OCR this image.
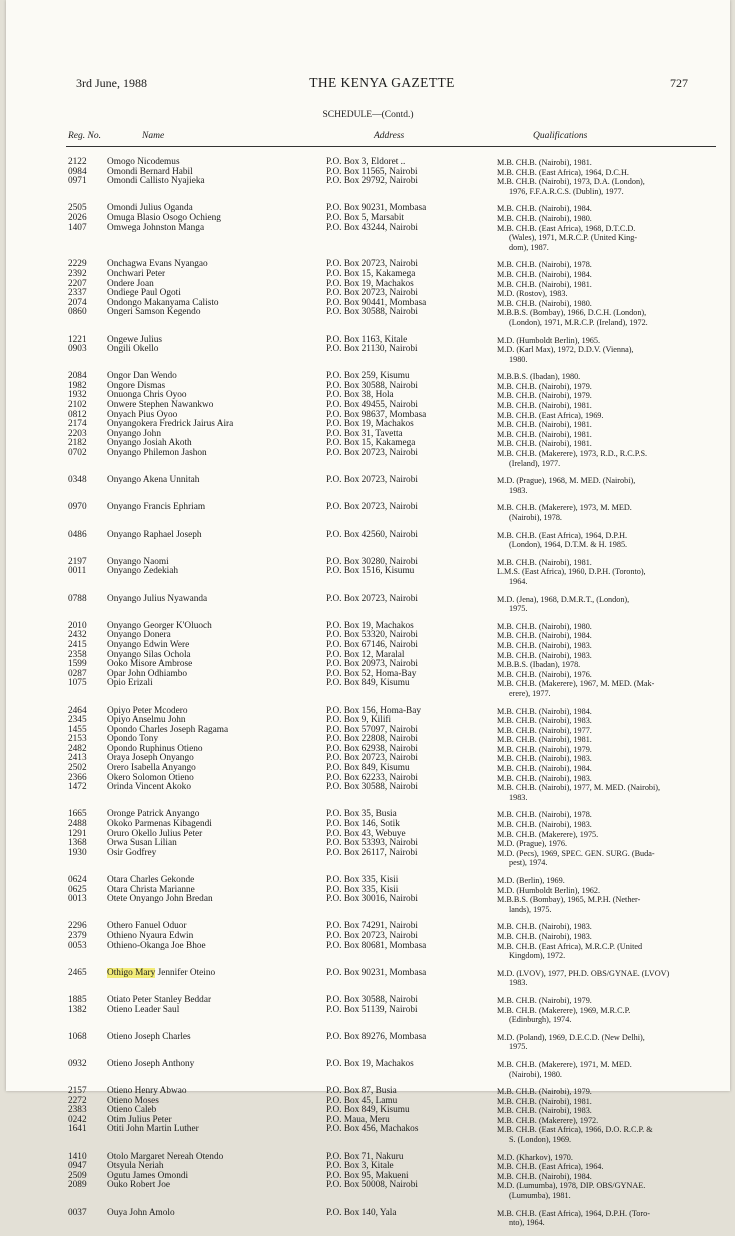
3rd June, 1988	THE KENYA GAZETTE	727
SCHEDULE—(Contd.)
Reg. No.	Name	Address	Qualifications
2122 Omogo Nicodemus	P.O. Box 3, Eldoret ..	M.B. CH.B. (Nairobi), 1981.
0984 Omondi Bernard Habil	P.O. Box 11565, Nairobi	M.B. CH.B. (East Africa), 1964, D.C.H.
0971 Omondi Callisto Nyajieka	P.O. Box 29792, Nairobi	M.B. CH.B. (Nairobi), 1973, D.A. (London),
1976, F.F.A.R.C.S. (Dublin), 1977.
2505 Omondi Julius Oganda	P.O. Box 90231, Mombasa	M.B. CH.B. (Nairobi), 1984.
2026 Omuga Blasio Osogo Ochieng	P.O. Box 5, Marsabit	M.B. CH.B. (Nairobi), 1980.
1407 Omwega Johnston Manga	P.O. Box 43244, Nairobi	M.B. CH.B. (East Africa), 1968, D.T.C.D.
(Wales), 1971, M.R.C.P. (United King-
dom), 1987.
2229 Onchagwa Evans Nyangao	P.O. Box 20723, Nairobi	M.B. CH.B. (Nairobi), 1978.
2392 Onchwari Peter	P.O. Box 15, Kakamega	M.B. CH.B. (Nairobi), 1984.
2207 Ondere Joan	P.O. Box 19, Machakos	M.B. CH.B. (Nairobi), 1981.
2337 Ondiege Paul Ogoti	P.O. Box 20723, Nairobi	M.D. (Rostov), 1983.
2074 Ondongo Makanyama Calisto	P.O. Box 90441, Mombasa	M.B. CH.B. (Nairobi), 1980.
0860 Ongeri Samson Kegendo	P.O. Box 30588, Nairobi	M.B.B.S. (Bombay), 1966, D.C.H. (London),
(London), 1971, M.R.C.P. (Ireland), 1972.
1221 Ongewe Julius	P.O. Box 1163, Kitale	M.D. (Humboldt Berlin), 1965.
0903 Ongili Okello	P.O. Box 21130, Nairobi	M.D. (Karl Max), 1972, D.D.V. (Vienna),
1980.
2084 Ongor Dan Wendo	P.O. Box 259, Kisumu	M.B.B.S. (Ibadan), 1980.
1982 Ongore Dismas	P.O. Box 30588, Nairobi	M.B. CH.B. (Nairobi), 1979.
1932 Onuonga Chris Oyoo	P.O. Box 38, Hola	M.B. CH.B. (Nairobi), 1979.
2102 Onwere Stephen Nawankwo	P.O. Box 49455, Nairobi	M.B. CH.B. (Nairobi), 1981.
0812 Onyach Pius Oyoo	P.O. Box 98637, Mombasa	M.B. CH.B. (East Africa), 1969.
2174 Onyangokera Fredrick Jairus Aira	P.O. Box 19, Machakos	M.B. CH.B. (Nairobi), 1981.
2203 Onyango John	P.O. Box 31, Tavetta	M.B. CH.B. (Nairobi), 1981.
2182 Onyango Josiah Akoth	P.O. Box 15, Kakamega	M.B. CH.B. (Nairobi), 1981.
0702 Onyango Philemon Jashon	P.O. Box 20723, Nairobi	M.B. CH.B. (Makerere), 1973, R.D., R.C.P.S.
(Ireland), 1977.
0348 Onyango Akena Unnitah	P.O. Box 20723, Nairobi	M.D. (Prague), 1968, M. MED. (Nairobi),
1983.
0970 Onyango Francis Ephriam	P.O. Box 20723, Nairobi	M.B. CH.B. (Makerere), 1973, M. MED.
(Nairobi), 1978.
0486 Onyango Raphael Joseph	P.O. Box 42560, Nairobi	M.B. CH.B. (East Africa), 1964, D.P.H.
(London), 1964, D.T.M. & H. 1985.
2197 Onyango Naomi	P.O. Box 30280, Nairobi	M.B. CH.B. (Nairobi), 1981.
0011 Onyango Zedekiah	P.O. Box 1516, Kisumu	L.M.S. (East Africa), 1960, D.P.H. (Toronto),
1964.
0788 Onyango Julius Nyawanda	P.O. Box 20723, Nairobi	M.D. (Jena), 1968, D.M.R.T., (London),
1975.
2010 Onyango Georger K'Oluoch	P.O. Box 19, Machakos	M.B. CH.B. (Nairobi), 1980.
2432 Onyango Donera	P.O. Box 53320, Nairobi	M.B. CH.B. (Nairobi), 1984.
2415 Onyango Edwin Were	P.O. Box 67146, Nairobi	M.B. CH.B. (Nairobi), 1983.
2358 Onyango Silas Ochola	P.O. Box 12, Maralal	M.B. CH.B. (Nairobi), 1983.
1599 Ooko Misore Ambrose	P.O. Box 20973, Nairobi	M.B.B.S. (Ibadan), 1978.
0287 Opar John Odhiambo	P.O. Box 52, Homa-Bay	M.B. CH.B. (Nairobi), 1976.
1075 Opio Erizali	P.O. Box 849, Kisumu	M.B. CH.B. (Makerere), 1967, M. MED. (Mak-
erere), 1977.
2464 Opiyo Peter Mcodero	P.O. Box 156, Homa-Bay	M.B. CH.B. (Nairobi), 1984.
2345 Opiyo Anselmu John	P.O. Box 9, Kilifi	M.B. CH.B. (Nairobi), 1983.
1455 Opondo Charles Joseph Ragama	P.O. Box 57097, Nairobi	M.B. CH.B. (Nairobi), 1977.
2153 Opondo Tony	P.O. Box 22808, Nairobi	M.B. CH.B. (Nairobi), 1981.
2482 Opondo Ruphinus Otieno	P.O. Box 62938, Nairobi	M.B. CH.B. (Nairobi), 1979.
2413 Oraya Joseph Onyango	P.O. Box 20723, Nairobi	M.B. CH.B. (Nairobi), 1983.
2502 Orero Isabella Anyango	P.O. Box 849, Kisumu	M.B. CH.B. (Nairobi), 1984.
2366 Okero Solomon Otieno	P.O. Box 62233, Nairobi	M.B. CH.B. (Nairobi), 1983.
1472 Orinda Vincent Akoko	P.O. Box 30588, Nairobi	M.B. CH.B. (Nairobi), 1977, M. MED. (Nairobi),
1983.
1665 Oronge Patrick Anyango	P.O. Box 35, Busia	M.B. CH.B. (Nairobi), 1978.
2488 Okoko Parmenas Kibagendi	P.O. Box 146, Sotik	M.B. CH.B. (Nairobi), 1983.
1291 Oruro Okello Julius Peter	P.O. Box 43, Webuye	M.B. CH.B. (Makerere), 1975.
1368 Orwa Susan Lilian	P.O. Box 53393, Nairobi	M.D. (Prague), 1976.
1930 Osir Godfrey	P.O. Box 26117, Nairobi	M.D. (Pecs), 1969, SPEC. GEN. SURG. (Buda-
pest), 1974.
0624 Otara Charles Gekonde	P.O. Box 335, Kisii	M.D. (Berlin), 1969.
0625 Otara Christa Marianne	P.O. Box 335, Kisii	M.D. (Humboldt Berlin), 1962.
0013 Otete Onyango John Bredan	P.O. Box 30016, Nairobi	M.B.B.S. (Bombay), 1965, M.P.H. (Nether-
lands), 1975.
2296 Othero Fanuel Oduor	P.O. Box 74291, Nairobi	M.B. CH.B. (Nairobi), 1983.
2379 Othieno Nyaura Edwin	P.O. Box 20723, Nairobi	M.B. CH.B. (Nairobi), 1983.
0053 Othieno-Okanga Joe Bhoe	P.O. Box 80681, Mombasa	M.B. CH.B. (East Africa), M.R.C.P. (United
Kingdom), 1972.
2465 Othigo Mary Jennifer Oteino	P.O. Box 90231, Mombasa	M.D. (LVOV), 1977, PH.D. OBS/GYNAE. (LVOV)
1983.
1885 Otiato Peter Stanley Beddar	P.O. Box 30588, Nairobi	M.B. CH.B. (Nairobi), 1979.
1382 Otieno Leader Saul	P.O. Box 51139, Nairobi	M.B. CH.B. (Makerere), 1969, M.R.C.P.
(Edinburgh), 1974.
1068 Otieno Joseph Charles	P.O. Box 89276, Mombasa	M.D. (Poland), 1969, D.E.C.D. (New Delhi),
1975.
0932 Otieno Joseph Anthony	P.O. Box 19, Machakos	M.B. CH.B. (Makerere), 1971, M. MED.
(Nairobi), 1980.
2157 Otieno Henry Abwao	P.O. Box 87, Busia	M.B. CH.B. (Nairobi), 1979.
2272 Otieno Moses	P.O. Box 45, Lamu	M.B. CH.B. (Nairobi), 1981.
2383 Otieno Caleb	P.O. Box 849, Kisumu	M.B. CH.B. (Nairobi), 1983.
0242 Otim Julius Peter	P.O. Maua, Meru	M.B. CH.B. (Makerere), 1972.
1641 Otiti John Martin Luther	P.O. Box 456, Machakos	M.B. CH.B. (East Africa), 1966, D.O. R.C.P. &
S. (London), 1969.
1410 Otolo Margaret Nereah Otendo	P.O. Box 71, Nakuru	M.D. (Kharkov), 1970.
0947 Otsyula Neriah	P.O. Box 3, Kitale	M.B. CH.B. (East Africa), 1964.
2509 Ogutu James Omondi	P.O. Box 95, Makueni	M.B. CH.B. (Nairobi), 1984.
2089 Ouko Robert Joe	P.O. Box 50008, Nairobi	M.D. (Lumumba), 1978, DIP. OBS/GYNAE.
(Lumumba), 1981.
0037 Ouya John Amolo	P.O. Box 140, Yala	M.B. CH.B. (East Africa), 1964, D.P.H. (Toro-
nto), 1964.
